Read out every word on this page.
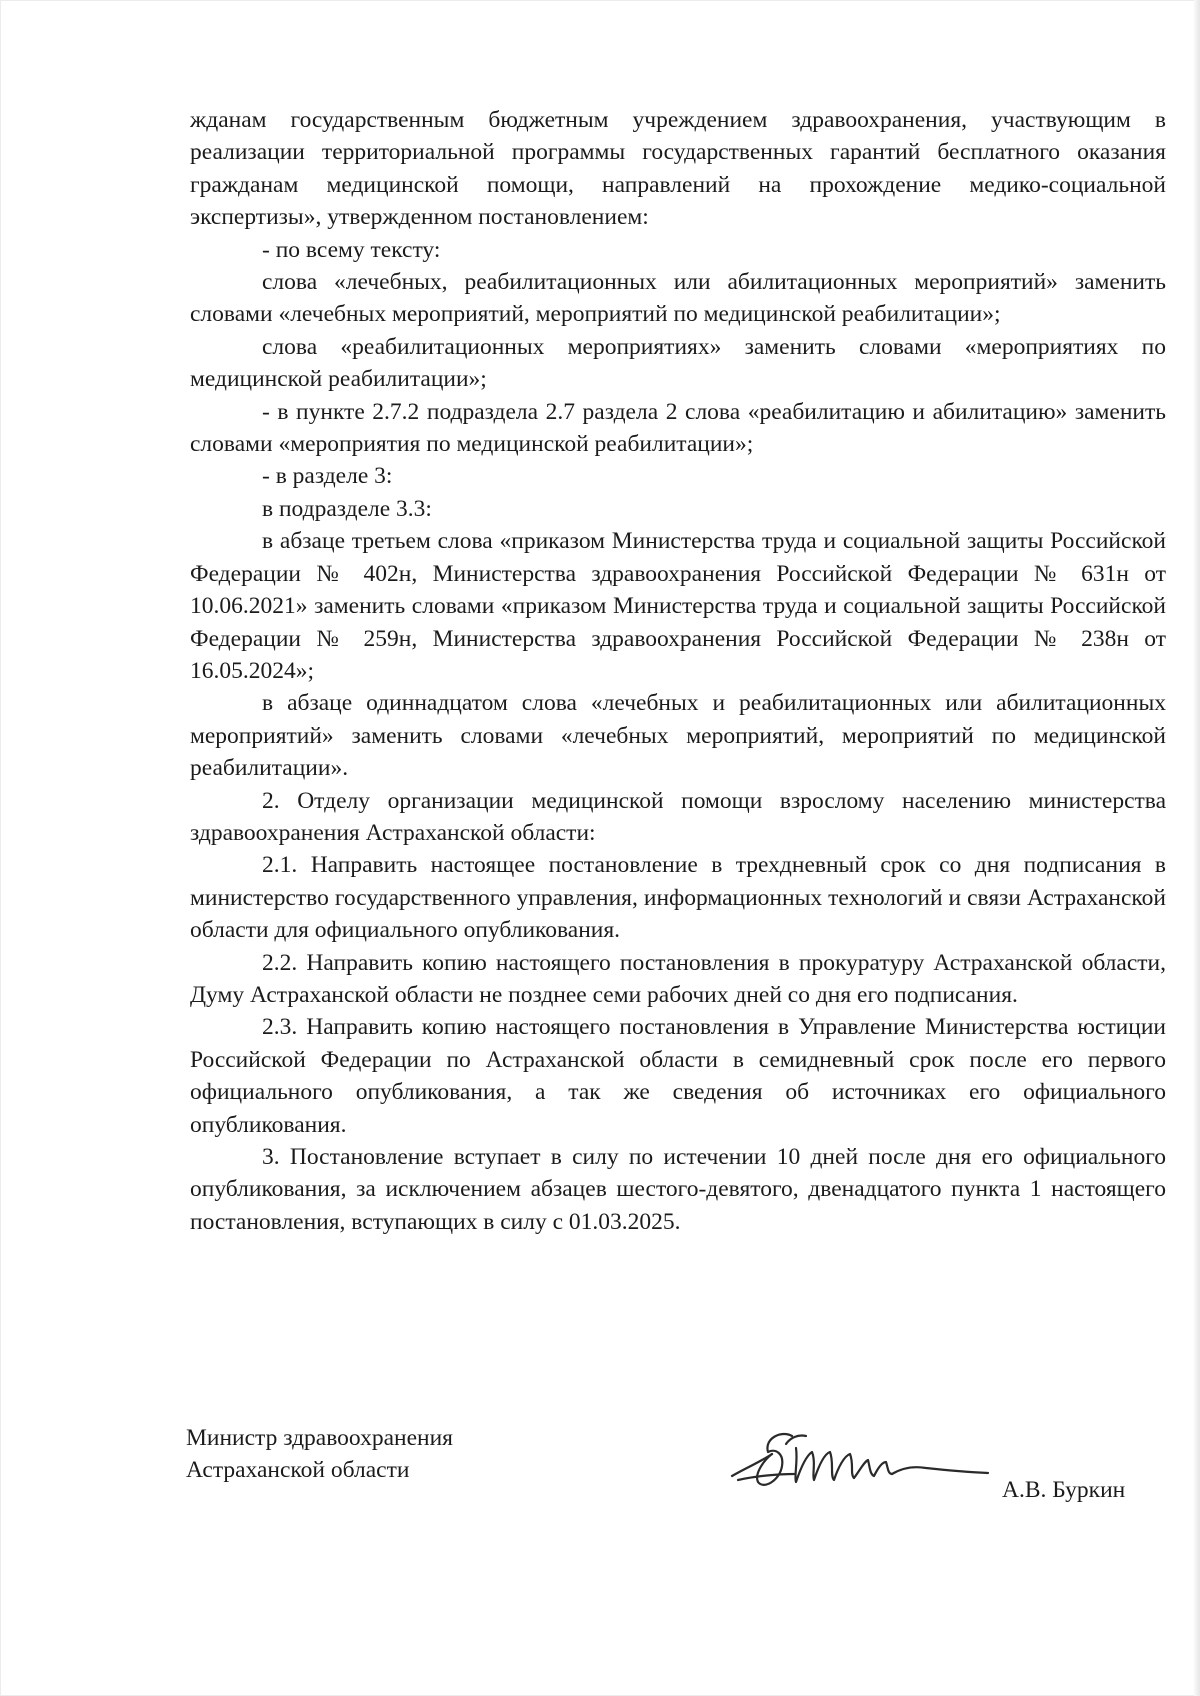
жданам государственным бюджетным учреждением здравоохранения, участвующим в реализации территориальной программы государственных гарантий бесплатного оказания гражданам медицинской помощи, направлений на прохождение медико-социальной экспертизы», утвержденном постановлением:

- по всему тексту:

слова «лечебных, реабилитационных или абилитационных мероприятий» заменить словами «лечебных мероприятий, мероприятий по медицинской реабилитации»;

слова «реабилитационных мероприятиях» заменить словами «мероприятиях по медицинской реабилитации»;

- в пункте 2.7.2 подраздела 2.7 раздела 2 слова «реабилитацию и абилитацию» заменить словами «мероприятия по медицинской реабилитации»;

- в разделе 3:

в подразделе 3.3:

в абзаце третьем слова «приказом Министерства труда и социальной защиты Российской Федерации № 402н, Министерства здравоохранения Российской Федерации № 631н от 10.06.2021» заменить словами «приказом Министерства труда и социальной защиты Российской Федерации № 259н, Министерства здравоохранения Российской Федерации № 238н от 16.05.2024»;

в абзаце одиннадцатом слова «лечебных и реабилитационных или абилитационных мероприятий» заменить словами «лечебных мероприятий, мероприятий по медицинской реабилитации».

2. Отделу организации медицинской помощи взрослому населению министерства здравоохранения Астраханской области:

2.1. Направить настоящее постановление в трехдневный срок со дня подписания в министерство государственного управления, информационных технологий и связи Астраханской области для официального опубликования.

2.2. Направить копию настоящего постановления в прокуратуру Астраханской области, Думу Астраханской области не позднее семи рабочих дней со дня его подписания.

2.3. Направить копию настоящего постановления в Управление Министерства юстиции Российской Федерации по Астраханской области в семидневный срок после его первого официального опубликования, а так же сведения об источниках его официального опубликования.

3. Постановление вступает в силу по истечении 10 дней после дня его официального опубликования, за исключением абзацев шестого-девятого, двенадцатого пункта 1 настоящего постановления, вступающих в силу с 01.03.2025.

Министр здравоохранения
Астраханской области
А.В. Буркин
